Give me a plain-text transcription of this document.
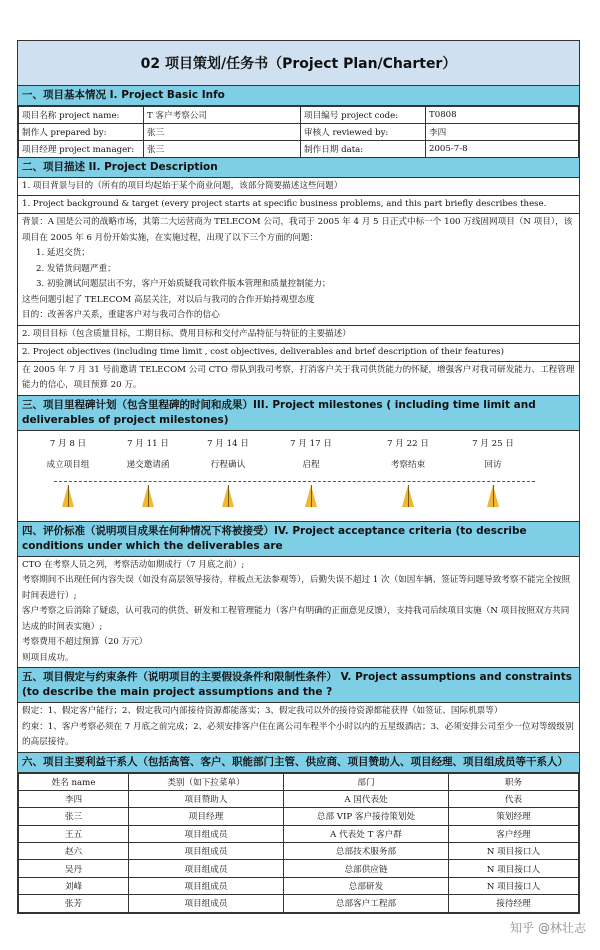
02 项目策划/任务书（Project Plan/Charter）
一、项目基本情况 I. Project Basic Info
项目名称 project name:	T 客户考察公司	项目编号 project code:	T0808
制作人 prepared by:	张三	审核人 reviewed by:	李四
项目经理 project manager:	张三	制作日期 data:	2005-7-8
二、项目描述 II. Project Description
1. 项目背景与目的（所有的项目均起始于某个商业问题，该部分简要描述这些问题）
1. Project background & target (every project starts at specific business problems, and this part briefly describes these.
背景：A 国是公司的战略市场，其第二大运营商为 TELECOM 公司，我司于 2005 年 4 月 5 日正式中标一个 100 万线固网项目（N 项目），该项目在 2005 年 6 月份开始实施，在实施过程，出现了以下三个方面的问题：
1. 延迟交货；
2. 发错货问题严重；
3. 初验测试问题层出不穷，客户开始质疑我司软件版本管理和质量控制能力；
这些问题引起了 TELECOM 高层关注，对以后与我司的合作开始持观望态度
目的：改善客户关系，重建客户对与我司合作的信心
2. 项目目标（包含质量目标，工期目标、费用目标和交付产品特征与特征的主要描述）
2. Project objectives (including time limit , cost objectives, deliverables and brief description of their features)
在 2005 年 7 月 31 号前邀请 TELECOM 公司 CTO 带队到我司考察，打消客户关于我司供货能力的怀疑，增强客户对我司研发能力、工程管理能力的信心，项目预算 20 万。
三、项目里程碑计划（包含里程碑的时间和成果）III. Project milestones ( including time limit and deliverables of project milestones)
7 月 8 日
成立项目组
7 月 11 日
递交邀请函
7 月 14 日
行程确认
7 月 17 日
启程
7 月 22 日
考察结束
7 月 25 日
回访
四、评价标准（说明项目成果在何种情况下将被接受）IV. Project acceptance criteria (to describe conditions under which the deliverables are
CTO 在考察人员之列，考察活动如期成行（7 月底之前）;
考察期间不出现任何内容失误（如没有高层领导接待，样板点无法参观等），后勤失误不超过 1 次（如因车辆、签证等问题导致考察不能完全按照时间表进行）;
客户考察之后消除了疑虑，认可我司的供货、研发和工程管理能力（客户有明确的正面意见反馈），支持我司后续项目实施（N 项目按照双方共同达成的时间表实施）;
考察费用不超过预算（20 万元）
则项目成功。
五、项目假定与约束条件（说明项目的主要假设条件和限制性条件） V. Project assumptions and constraints (to describe the main project assumptions and the ?
假定：1、假定客户能行；2、假定我司内部接待资源都能落实；3、假定我司以外的接待资源都能获得（如签证、国际机票等）
约束：1、客户考察必须在 7 月底之前完成；2、必须安排客户住在离公司车程半个小时以内的五星级酒店；3、必须安排公司至少一位对等级级别的高层接待。
六、项目主要利益干系人（包括高管、客户、职能部门主管、供应商、项目赞助人、项目经理、项目组成员等干系人）
姓名 name	类别（如下拉菜单）	部门	职务
李四	项目赞助人	A 国代表处	代表
张三	项目经理	总部 VIP 客户接待策划处	策划经理
王五	项目组成员	A 代表处 T 客户群	客户经理
赵六	项目组成员	总部技术服务部	N 项目接口人
吴丹	项目组成员	总部供应链	N 项目接口人
刘峰	项目组成员	总部研发	N 项目接口人
张芳	项目组成员	总部客户工程部	接待经理
知乎 @林壮志
